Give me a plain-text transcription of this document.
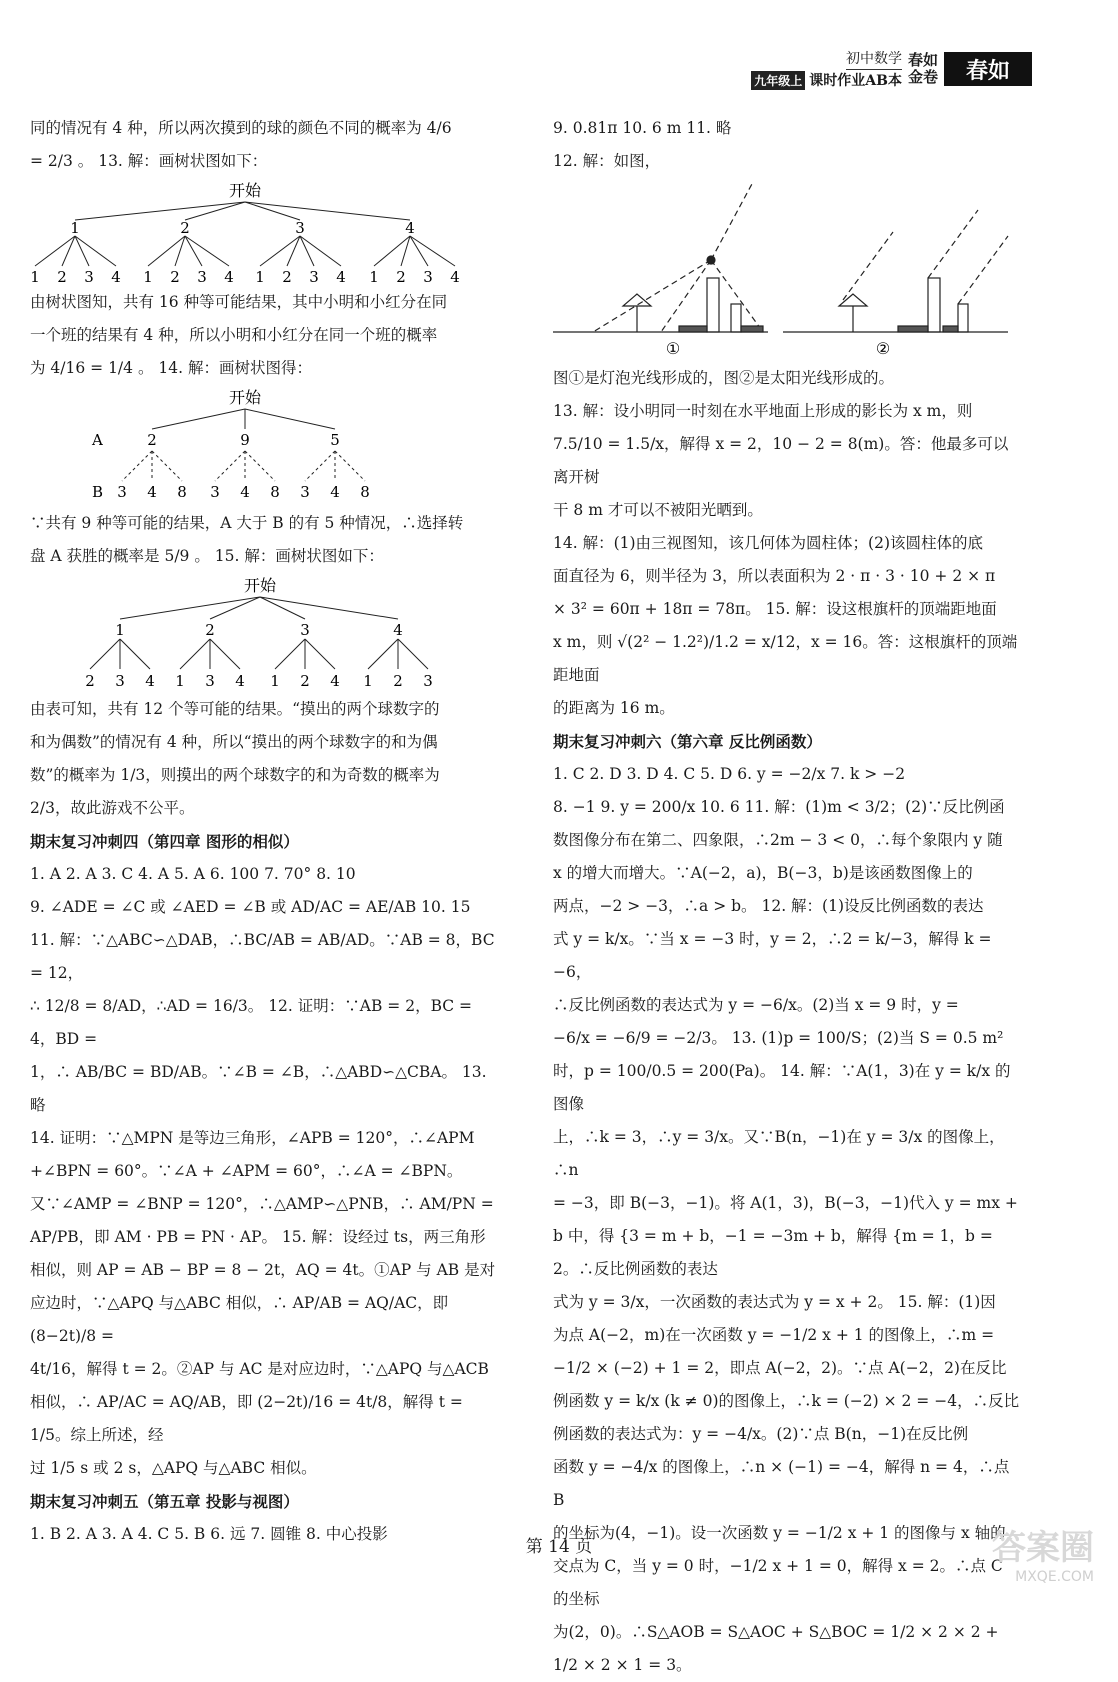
初中数学
九年级上 课时作业AB本
春如
金卷	春如

同的情况有 4 种，所以两次摸到的球的颜色不同的概率为 4/6

= 2/3 。 13. 解：画树状图如下：

开始
1	2	3	4
1 2 3 4 1 2 3 4 1 2 3 4 1 2 3 4

由树状图知，共有 16 种等可能结果，其中小明和小红分在同

一个班的结果有 4 种，所以小明和小红分在同一个班的概率

为 4/16 = 1/4 。 14. 解：画树状图得：

开始
A
B
2	9	5
3 4 8 3 4 8 3 4 8

∵共有 9 种等可能的结果，A 大于 B 的有 5 种情况，∴选择转

盘 A 获胜的概率是 5/9 。 15. 解：画树状图如下：

开始
1	2	3	4
2 3 4 1 3 4 1 2 4 1 2 3

由表可知，共有 12 个等可能的结果。“摸出的两个球数字的

和为偶数”的情况有 4 种，所以“摸出的两个球数字的和为偶

数”的概率为 1/3，则摸出的两个球数字的和为奇数的概率为

2/3，故此游戏不公平。

期末复习冲刺四（第四章 图形的相似）

1. A 2. A 3. C 4. A 5. A 6. 100 7. 70° 8. 10

9. ∠ADE = ∠C 或 ∠AED = ∠B 或 AD/AC = AE/AB 10. 15

11. 解：∵△ABC∽△DAB，∴BC/AB = AB/AD。∵AB = 8，BC = 12，

∴ 12/8 = 8/AD，∴AD = 16/3。 12. 证明：∵AB = 2，BC = 4，BD =

1，∴ AB/BC = BD/AB。∵∠B = ∠B，∴△ABD∽△CBA。 13. 略

14. 证明：∵△MPN 是等边三角形，∠APB = 120°，∴∠APM

+∠BPN = 60°。∵∠A + ∠APM = 60°，∴∠A = ∠BPN。

又∵∠AMP = ∠BNP = 120°，∴△AMP∽△PNB，∴ AM/PN =

AP/PB，即 AM · PB = PN · AP。 15. 解：设经过 ts，两三角形

相似，则 AP = AB − BP = 8 − 2t，AQ = 4t。①AP 与 AB 是对

应边时，∵△APQ 与△ABC 相似，∴ AP/AB = AQ/AC，即 (8−2t)/8 =

4t/16，解得 t = 2。②AP 与 AC 是对应边时，∵△APQ 与△ACB

相似，∴ AP/AC = AQ/AB，即 (2−2t)/16 = 4t/8，解得 t = 1/5。综上所述，经

过 1/5 s 或 2 s，△APQ 与△ABC 相似。

期末复习冲刺五（第五章 投影与视图）

1. B 2. A 3. A 4. C 5. B 6. 远 7. 圆锥 8. 中心投影

9. 0.81π 10. 6 m 11. 略

12. 解：如图，

①	②

图①是灯泡光线形成的，图②是太阳光线形成的。

13. 解：设小明同一时刻在水平地面上形成的影长为 x m，则

7.5/10 = 1.5/x，解得 x = 2，10 − 2 = 8(m)。答：他最多可以离开树

干 8 m 才可以不被阳光晒到。

14. 解：(1)由三视图知，该几何体为圆柱体；(2)该圆柱体的底

面直径为 6，则半径为 3，所以表面积为 2 · π · 3 · 10 + 2 × π

× 3² = 60π + 18π = 78π。 15. 解：设这根旗杆的顶端距地面

x m，则 √(2² − 1.2²)/1.2 = x/12，x = 16。答：这根旗杆的顶端距地面

的距离为 16 m。

期末复习冲刺六（第六章 反比例函数）

1. C 2. D 3. D 4. C 5. D 6. y = −2/x 7. k > −2

8. −1 9. y = 200/x 10. 6 11. 解：(1)m < 3/2；(2)∵反比例函

数图像分布在第二、四象限，∴2m − 3 < 0，∴每个象限内 y 随

x 的增大而增大。∵A(−2，a)，B(−3，b)是该函数图像上的

两点，−2 > −3，∴a > b。 12. 解：(1)设反比例函数的表达

式 y = k/x。∵当 x = −3 时，y = 2，∴2 = k/−3，解得 k = −6，

∴反比例函数的表达式为 y = −6/x。(2)当 x = 9 时，y =

−6/x = −6/9 = −2/3。 13. (1)p = 100/S；(2)当 S = 0.5 m²

时，p = 100/0.5 = 200(Pa)。 14. 解：∵A(1，3)在 y = k/x 的图像

上，∴k = 3，∴y = 3/x。又∵B(n，−1)在 y = 3/x 的图像上，∴n

= −3，即 B(−3，−1)。将 A(1，3)，B(−3，−1)代入 y = mx +

b 中，得 {3 = m + b，−1 = −3m + b，解得 {m = 1，b = 2。∴反比例函数的表达

式为 y = 3/x，一次函数的表达式为 y = x + 2。 15. 解：(1)因

为点 A(−2，m)在一次函数 y = −1/2 x + 1 的图像上，∴m =

−1/2 × (−2) + 1 = 2，即点 A(−2，2)。∵点 A(−2，2)在反比

例函数 y = k/x (k ≠ 0)的图像上，∴k = (−2) × 2 = −4，∴反比

例函数的表达式为：y = −4/x。(2)∵点 B(n，−1)在反比例

函数 y = −4/x 的图像上，∴n × (−1) = −4，解得 n = 4，∴点 B

的坐标为(4，−1)。设一次函数 y = −1/2 x + 1 的图像与 x 轴的

交点为 C，当 y = 0 时，−1/2 x + 1 = 0，解得 x = 2。∴点 C 的坐标

为(2，0)。∴S△AOB = S△AOC + S△BOC = 1/2 × 2 × 2 + 1/2 × 2 × 1 = 3。

第 14 页	答案圈
MXQE.COM
